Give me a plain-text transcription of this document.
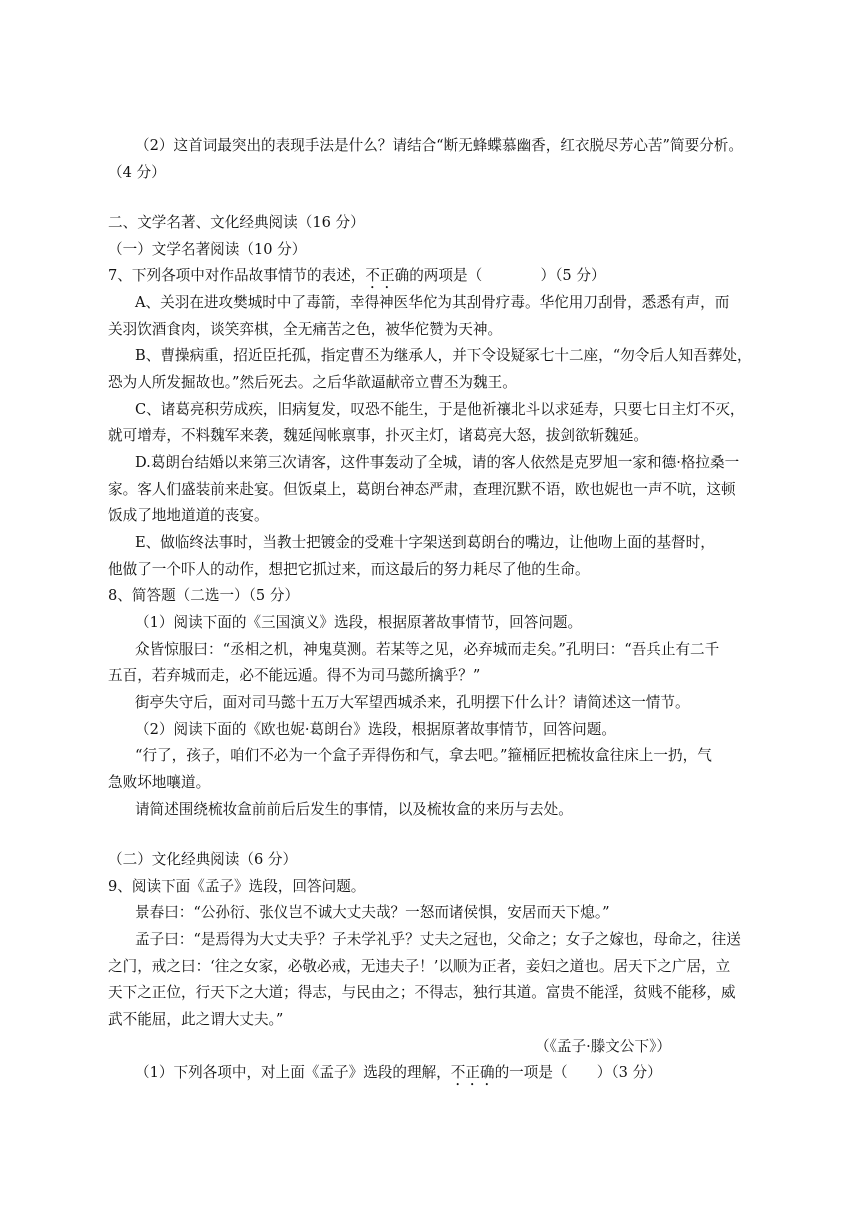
（2）这首词最突出的表现手法是什么？请结合“断无蜂蝶慕幽香，红衣脱尽芳心苦”简要分析。
（4 分）
二、文学名著、文化经典阅读（16 分）
（一）文学名著阅读（10 分）
7、下列各项中对作品故事情节的表述，不正确的两项是（　　　　）（5 分）
A、关羽在进攻樊城时中了毒箭，幸得神医华佗为其刮骨疗毒。华佗用刀刮骨，悉悉有声，而
关羽饮酒食肉，谈笑弈棋，全无痛苦之色，被华佗赞为天神。
B、曹操病重，招近臣托孤，指定曹丕为继承人，并下令设疑冢七十二座，“勿令后人知吾葬处，
恐为人所发掘故也。”然后死去。之后华歆逼献帝立曹丕为魏王。
C、诸葛亮积劳成疾，旧病复发，叹恐不能生，于是他祈禳北斗以求延寿，只要七日主灯不灭，
就可增寿，不料魏军来袭，魏延闯帐禀事，扑灭主灯，诸葛亮大怒，拔剑欲斩魏延。
D.葛朗台结婚以来第三次请客，这件事轰动了全城，请的客人依然是克罗旭一家和德·格拉桑一
家。客人们盛装前来赴宴。但饭桌上，葛朗台神态严肃，查理沉默不语，欧也妮也一声不吭，这顿
饭成了地地道道的丧宴。
E、做临终法事时，当教士把镀金的受难十字架送到葛朗台的嘴边，让他吻上面的基督时，
他做了一个吓人的动作，想把它抓过来，而这最后的努力耗尽了他的生命。
8、简答题（二选一）（5 分）
（1）阅读下面的《三国演义》选段，根据原著故事情节，回答问题。
众皆惊服曰：“丞相之机，神鬼莫测。若某等之见，必弃城而走矣。”孔明曰：“吾兵止有二千
五百，若弃城而走，必不能远遁。得不为司马懿所擒乎？”
街亭失守后，面对司马懿十五万大军望西城杀来，孔明摆下什么计？请简述这一情节。
（2）阅读下面的《欧也妮·葛朗台》选段，根据原著故事情节，回答问题。
“行了，孩子，咱们不必为一个盒子弄得伤和气，拿去吧。”箍桶匠把梳妆盒往床上一扔，气
急败坏地嚷道。
请简述围绕梳妆盒前前后后发生的事情，以及梳妆盒的来历与去处。
（二）文化经典阅读（6 分）
9、阅读下面《孟子》选段，回答问题。
景春曰：“公孙衍、张仪岂不诚大丈夫哉？一怒而诸侯惧，安居而天下熄。”
孟子曰：“是焉得为大丈夫乎？子未学礼乎？丈夫之冠也，父命之；女子之嫁也，母命之，往送
之门，戒之曰：‘往之女家，必敬必戒，无违夫子！’以顺为正者，妾妇之道也。居天下之广居，立
天下之正位，行天下之大道；得志，与民由之；不得志，独行其道。富贵不能淫，贫贱不能移，威
武不能屈，此之谓大丈夫。”
（《孟子·滕文公下》）
（1）下列各项中，对上面《孟子》选段的理解，不正确的一项是（　　）（3 分）
